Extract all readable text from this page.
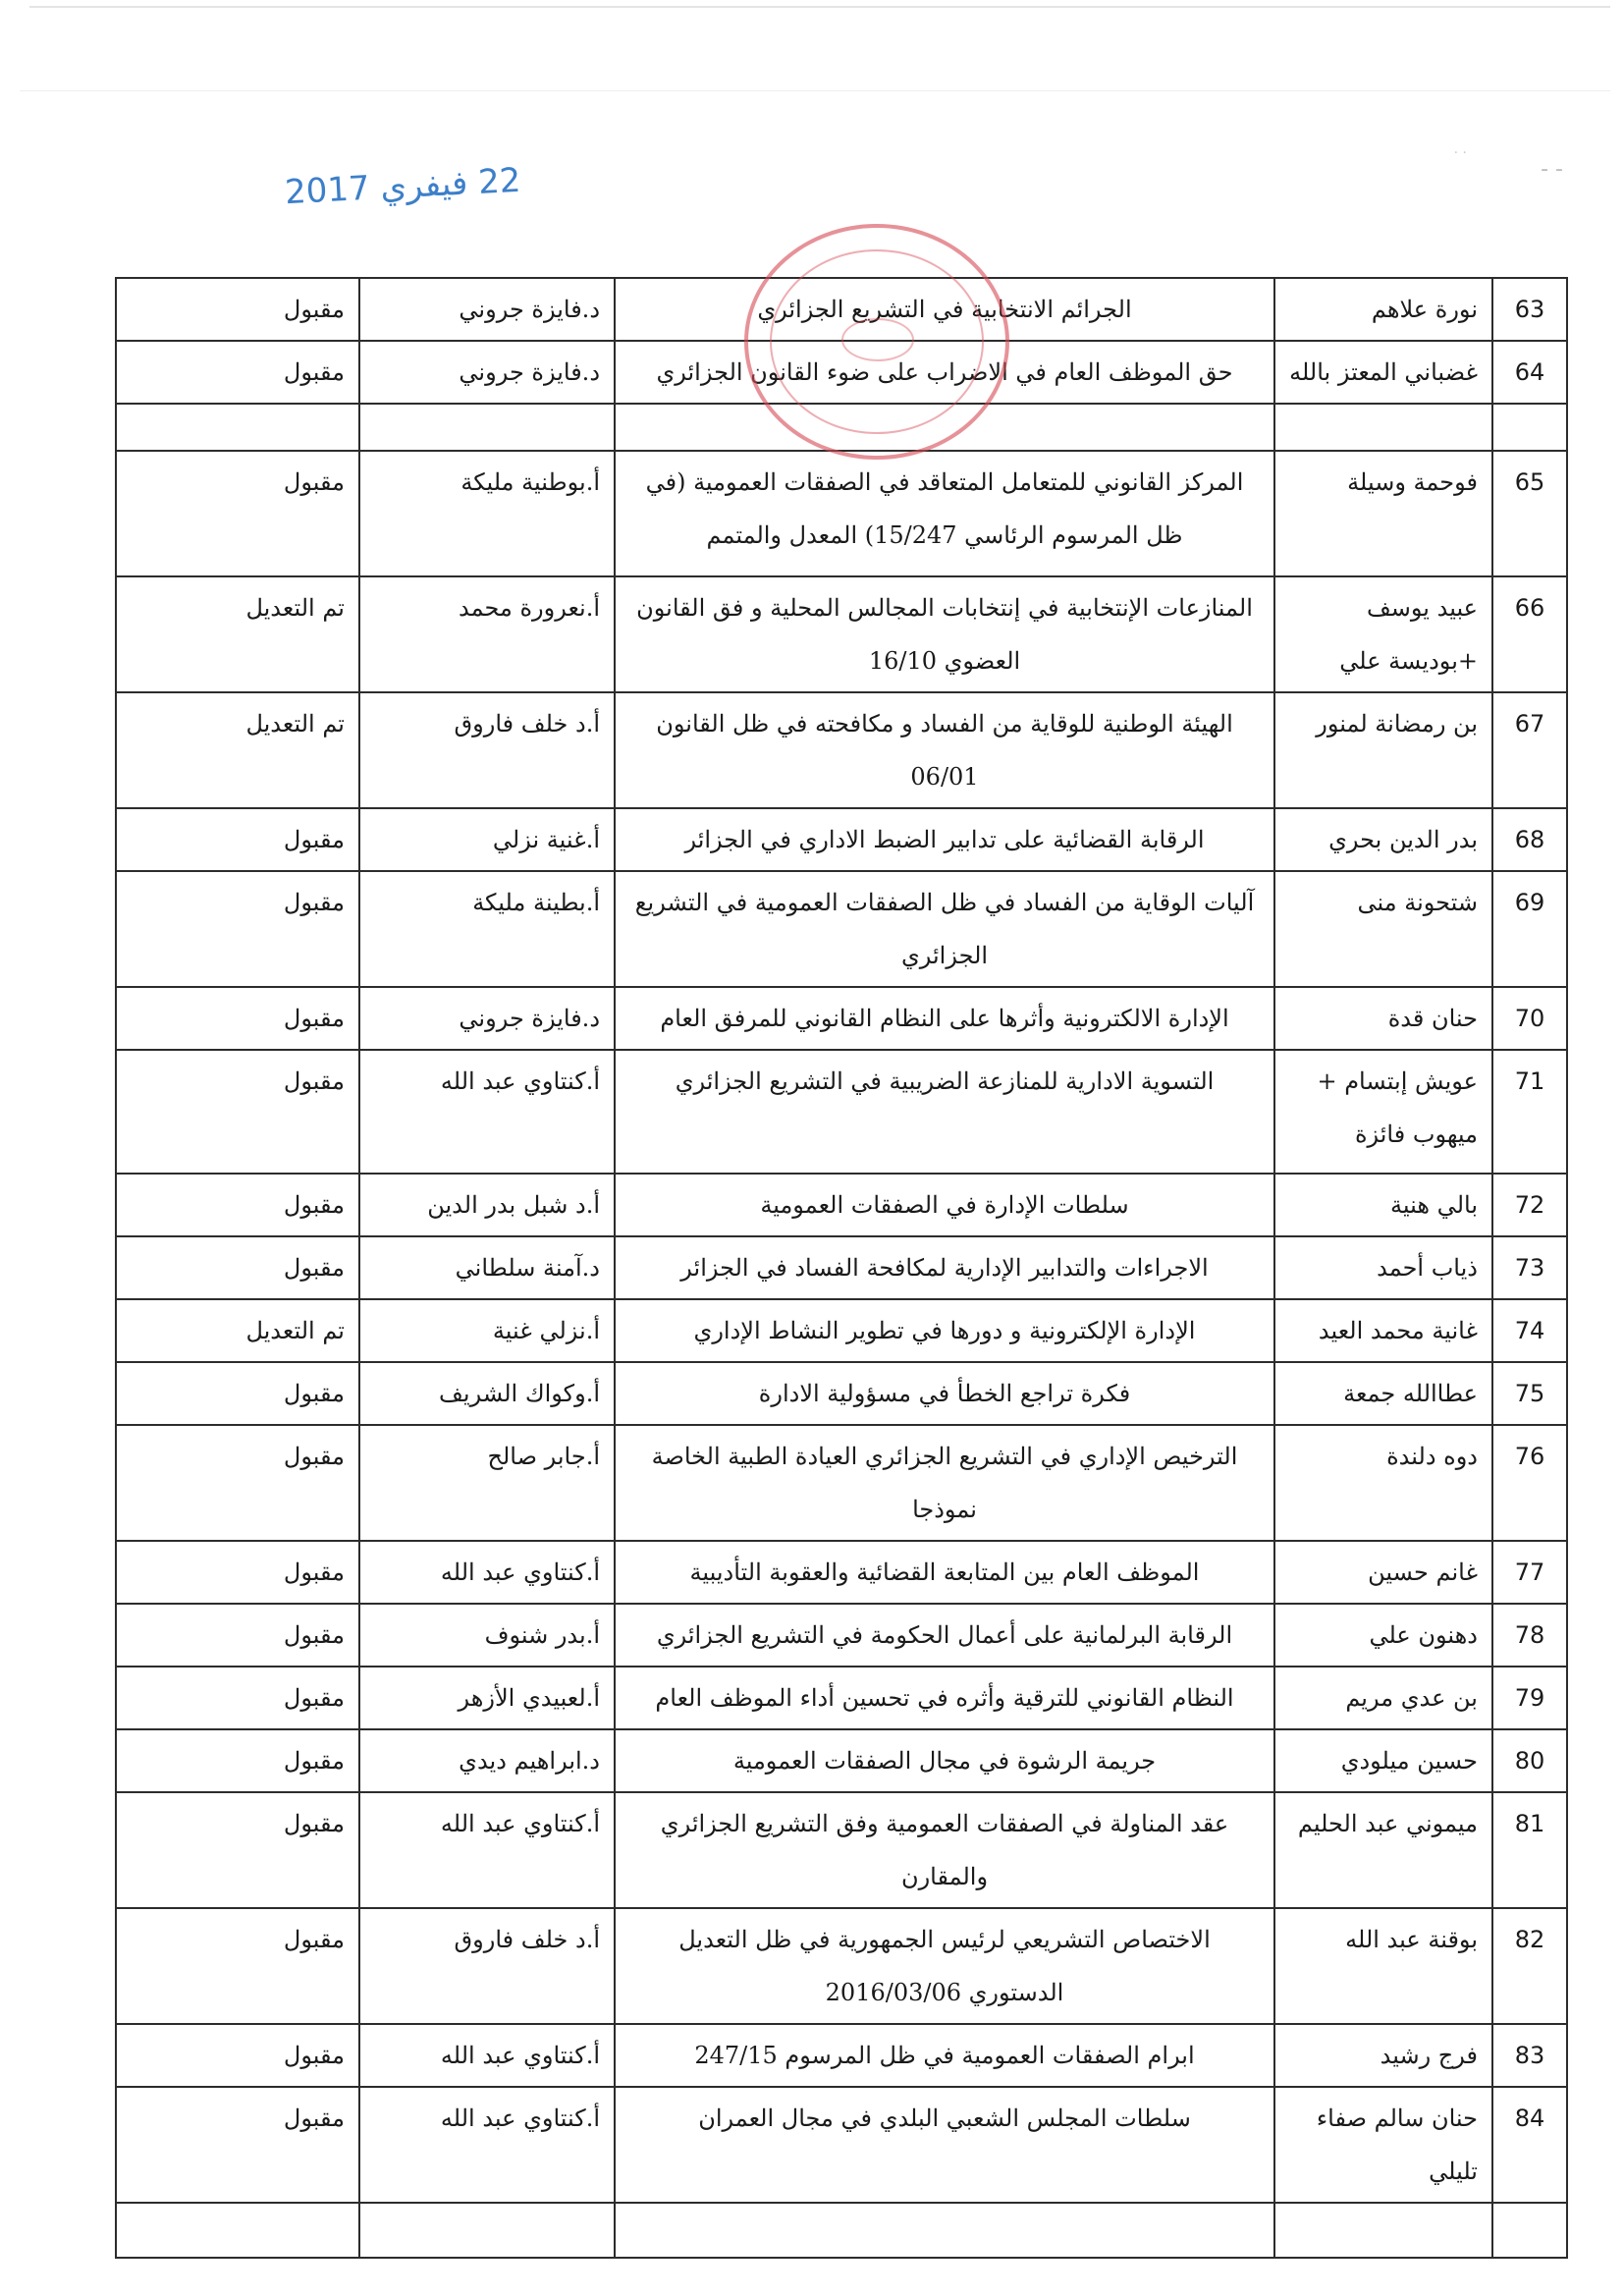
22 فيفري 2017
· ·
- -
63	نورة علاهم	الجرائم الانتخابية في التشريع الجزائري	د.فايزة جروني	مقبول
64	غضباني المعتز بالله	حق الموظف العام في الاضراب على ضوء القانون الجزائري	د.فايزة جروني	مقبول

65	فوحمة وسيلة	المركز القانوني للمتعامل المتعاقد في الصفقات العمومية (في ظل المرسوم الرئاسي 15/247) المعدل والمتمم	أ.بوطنية مليكة	مقبول
66	عبيد يوسف +بوديسة علي	المنازعات الإنتخابية في إنتخابات المجالس المحلية و فق القانون العضوي 16/10	أ.نعرورة محمد	تم التعديل
67	بن رمضانة لمنور	الهيئة الوطنية للوقاية من الفساد و مكافحته في ظل القانون 06/01	أ.د خلف فاروق	تم التعديل
68	بدر الدين بحري	الرقابة القضائية على تدابير الضبط الاداري في الجزائر	أ.غنية نزلي	مقبول
69	شتحونة منى	آليات الوقاية من الفساد في ظل الصفقات العمومية في التشريع الجزائري	أ.بطينة مليكة	مقبول
70	حنان قدة	الإدارة الالكترونية وأثرها على النظام القانوني للمرفق العام	د.فايزة جروني	مقبول
71	عويش إبتسام + ميهوب فائزة	التسوية الادارية للمنازعة الضريبية في التشريع الجزائري	أ.كنتاوي عبد الله	مقبول
72	بالي هنية	سلطات الإدارة في الصفقات العمومية	أ.د شبل بدر الدين	مقبول
73	ذياب أحمد	الاجراءات والتدابير الإدارية لمكافحة الفساد في الجزائر	د.آمنة سلطاني	مقبول
74	غانية محمد العيد	الإدارة الإلكترونية و دورها في تطوير النشاط الإداري	أ.نزلي غنية	تم التعديل
75	عطاالله جمعة	فكرة تراجع الخطأ في مسؤولية الادارة	أ.وكواك الشريف	مقبول
76	دوه دلندة	الترخيص الإداري في التشريع الجزائري العيادة الطبية الخاصة نموذجا	أ.جابر صالح	مقبول
77	غانم حسين	الموظف العام بين المتابعة القضائية والعقوبة التأديبية	أ.كنتاوي عبد الله	مقبول
78	دهنون علي	الرقابة البرلمانية على أعمال الحكومة في التشريع الجزائري	أ.بدر شنوف	مقبول
79	بن عدي مريم	النظام القانوني للترقية وأثره في تحسين أداء الموظف العام	أ.لعبيدي الأزهر	مقبول
80	حسين ميلودي	جريمة الرشوة في مجال الصفقات العمومية	د.ابراهيم ديدي	مقبول
81	ميموني عبد الحليم	عقد المناولة في الصفقات العمومية وفق التشريع الجزائري والمقارن	أ.كنتاوي عبد الله	مقبول
82	بوقنة عبد الله	الاختصاص التشريعي لرئيس الجمهورية في ظل التعديل الدستوري 2016/03/06	أ.د خلف فاروق	مقبول
83	فرج رشيد	ابرام الصفقات العمومية في ظل المرسوم 247/15	أ.كنتاوي عبد الله	مقبول
84	حنان سالم صفاء تليلي	سلطات المجلس الشعبي البلدي في مجال العمران	أ.كنتاوي عبد الله	مقبول
